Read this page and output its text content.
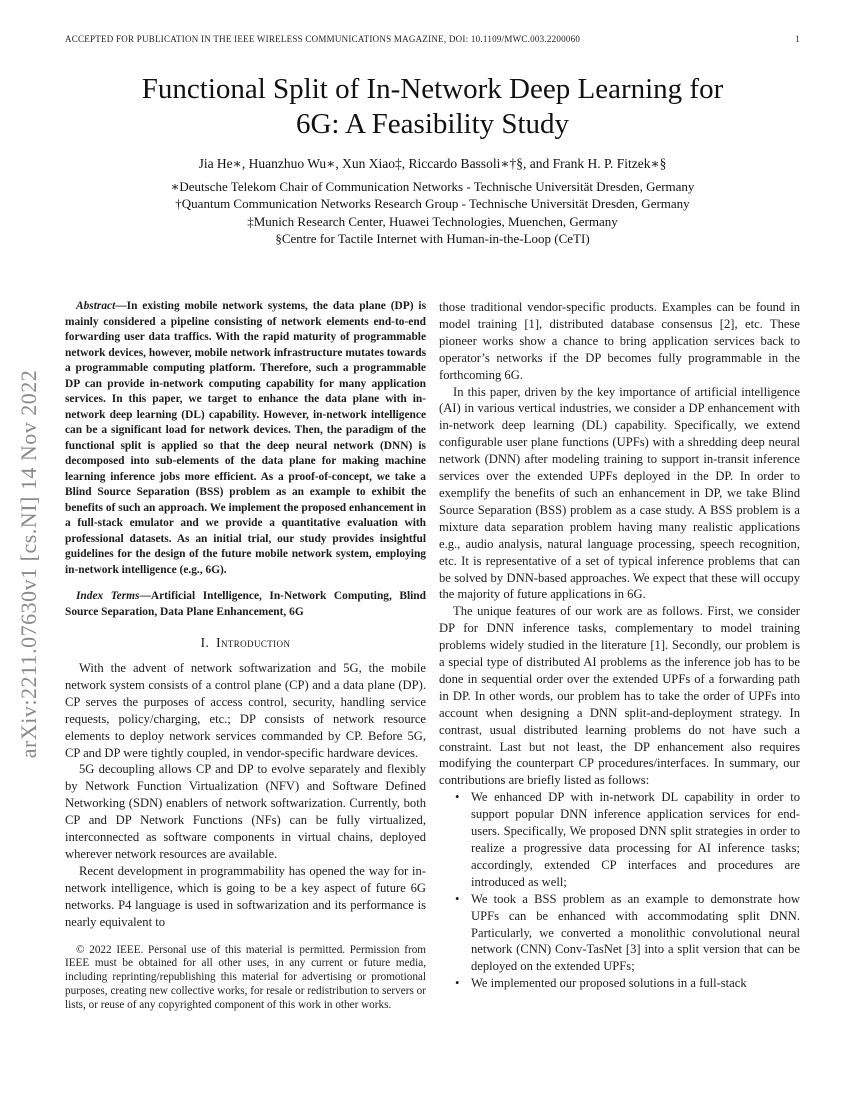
ACCEPTED FOR PUBLICATION IN THE IEEE WIRELESS COMMUNICATIONS MAGAZINE, DOI: 10.1109/MWC.003.2200060	1
arXiv:2211.07630v1 [cs.NI] 14 Nov 2022
Functional Split of In-Network Deep Learning for
6G: A Feasibility Study
Jia He∗, Huanzhuo Wu∗, Xun Xiao‡, Riccardo Bassoli∗†§, and Frank H. P. Fitzek∗§
∗Deutsche Telekom Chair of Communication Networks - Technische Universität Dresden, Germany
†Quantum Communication Networks Research Group - Technische Universität Dresden, Germany
‡Munich Research Center, Huawei Technologies, Muenchen, Germany
§Centre for Tactile Internet with Human-in-the-Loop (CeTI)

Abstract—In existing mobile network systems, the data plane (DP) is mainly considered a pipeline consisting of network elements end-to-end forwarding user data traffics. With the rapid maturity of programmable network devices, however, mobile network infrastructure mutates towards a programmable computing platform. Therefore, such a programmable DP can provide in-network computing capability for many application services. In this paper, we target to enhance the data plane with in-network deep learning (DL) capability. However, in-network intelligence can be a significant load for network devices. Then, the paradigm of the functional split is applied so that the deep neural network (DNN) is decomposed into sub-elements of the data plane for making machine learning inference jobs more efficient. As a proof-of-concept, we take a Blind Source Separation (BSS) problem as an example to exhibit the benefits of such an approach. We implement the proposed enhancement in a full-stack emulator and we provide a quantitative evaluation with professional datasets. As an initial trial, our study provides insightful guidelines for the design of the future mobile network system, employing in-network intelligence (e.g., 6G).

Index Terms—Artificial Intelligence, In-Network Computing, Blind Source Separation, Data Plane Enhancement, 6G

I. Introduction

With the advent of network softwarization and 5G, the mobile network system consists of a control plane (CP) and a data plane (DP). CP serves the purposes of access control, security, handling service requests, policy/charging, etc.; DP consists of network resource elements to deploy network services commanded by CP. Before 5G, CP and DP were tightly coupled, in vendor-specific hardware devices.

5G decoupling allows CP and DP to evolve separately and flexibly by Network Function Virtualization (NFV) and Software Defined Networking (SDN) enablers of network softwarization. Currently, both CP and DP Network Functions (NFs) can be fully virtualized, interconnected as software components in virtual chains, deployed wherever network resources are available.

Recent development in programmability has opened the way for in-network intelligence, which is going to be a key aspect of future 6G networks. P4 language is used in softwarization and its performance is nearly equivalent to

© 2022 IEEE. Personal use of this material is permitted. Permission from IEEE must be obtained for all other uses, in any current or future media, including reprinting/republishing this material for advertising or promotional purposes, creating new collective works, for resale or redistribution to servers or lists, or reuse of any copyrighted component of this work in other works.

those traditional vendor-specific products. Examples can be found in model training [1], distributed database consensus [2], etc. These pioneer works show a chance to bring application services back to operator’s networks if the DP becomes fully programmable in the forthcoming 6G.

In this paper, driven by the key importance of artificial intelligence (AI) in various vertical industries, we consider a DP enhancement with in-network deep learning (DL) capability. Specifically, we extend configurable user plane functions (UPFs) with a shredding deep neural network (DNN) after modeling training to support in-transit inference services over the extended UPFs deployed in the DP. In order to exemplify the benefits of such an enhancement in DP, we take Blind Source Separation (BSS) problem as a case study. A BSS problem is a mixture data separation problem having many realistic applications e.g., audio analysis, natural language processing, speech recognition, etc. It is representative of a set of typical inference problems that can be solved by DNN-based approaches. We expect that these will occupy the majority of future applications in 6G.

The unique features of our work are as follows. First, we consider DP for DNN inference tasks, complementary to model training problems widely studied in the literature [1]. Secondly, our problem is a special type of distributed AI problems as the inference job has to be done in sequential order over the extended UPFs of a forwarding path in DP. In other words, our problem has to take the order of UPFs into account when designing a DNN split-and-deployment strategy. In contrast, usual distributed learning problems do not have such a constraint. Last but not least, the DP enhancement also requires modifying the counterpart CP procedures/interfaces. In summary, our contributions are briefly listed as follows:

• We enhanced DP with in-network DL capability in order to support popular DNN inference application services for end-users. Specifically, We proposed DNN split strategies in order to realize a progressive data processing for AI inference tasks; accordingly, extended CP interfaces and procedures are introduced as well;
• We took a BSS problem as an example to demonstrate how UPFs can be enhanced with accommodating split DNN. Particularly, we converted a monolithic convolutional neural network (CNN) Conv-TasNet [3] into a split version that can be deployed on the extended UPFs;
• We implemented our proposed solutions in a full-stack
